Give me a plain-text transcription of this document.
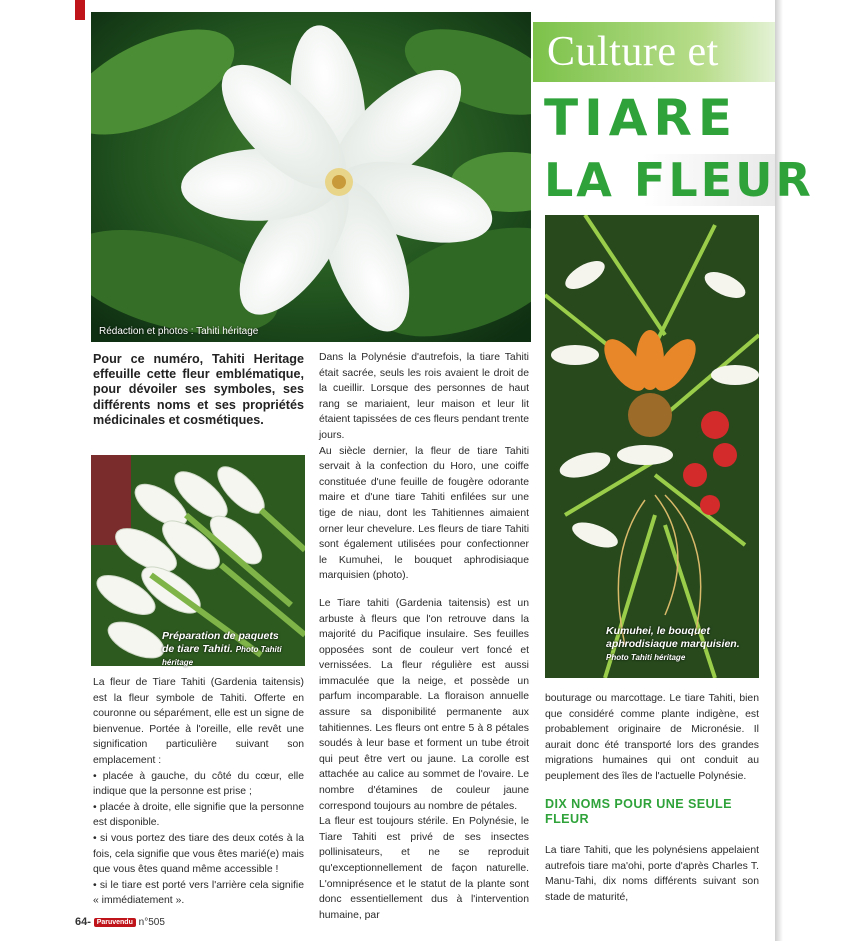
Rédaction et photos : Tahiti héritage
Culture et
TIARE
LA FLEUR
Pour ce numéro, Tahiti Heritage effeuille cette fleur emblématique, pour dévoiler ses symboles, ses différents noms et ses propriétés médicinales et cosmétiques.
Préparation de paquets
de tiare Tahiti. Photo Tahiti héritage
Kumuhei, le bouquet
aphrodisiaque marquisien.
Photo Tahiti héritage

La fleur de Tiare Tahiti (Gardenia taitensis) est la fleur symbole de Tahiti. Offerte en couronne ou séparément, elle est un signe de bienvenue. Portée à l'oreille, elle revêt une signification particulière suivant son emplacement :

• placée à gauche, du côté du cœur, elle indique que la personne est prise ;

• placée à droite, elle signifie que la personne est disponible.

• si vous portez des tiare des deux cotés à la fois, cela signifie que vous êtes marié(e) mais que vous êtes quand même accessible !

• si le tiare est porté vers l'arrière cela signifie « immédiatement ».

Dans la Polynésie d'autrefois, la tiare Tahiti était sacrée, seuls les rois avaient le droit de la cueillir. Lorsque des personnes de haut rang se mariaient, leur maison et leur lit étaient tapissées de ces fleurs pendant trente jours.

Au siècle dernier, la fleur de tiare Tahiti servait à la confection du Horo, une coiffe constituée d'une feuille de fougère odorante maire et d'une tiare Tahiti enfilées sur une tige de niau, dont les Tahitiennes aimaient orner leur chevelure. Les fleurs de tiare Tahiti sont également utilisées pour confectionner le Kumuhei, le bouquet aphrodisiaque marquisien (photo).

Le Tiare tahiti (Gardenia taitensis) est un arbuste à fleurs que l'on retrouve dans la majorité du Pacifique insulaire. Ses feuilles opposées sont de couleur vert foncé et vernissées. La fleur régulière est aussi immaculée que la neige, et possède un parfum incomparable. La floraison annuelle assure sa disponibilité permanente aux tahitiennes. Les fleurs ont entre 5 à 8 pétales soudés à leur base et forment un tube étroit qui peut être vert ou jaune. La corolle est attachée au calice au sommet de l'ovaire. Le nombre d'étamines de couleur jaune correspond toujours au nombre de pétales.

La fleur est toujours stérile. En Polynésie, le Tiare Tahiti est privé de ses insectes pollinisateurs, et ne se reproduit qu'exceptionnellement de façon naturelle. L'omniprésence et le statut de la plante sont donc essentiellement dus à l'intervention humaine, par

bouturage ou marcottage. Le tiare Tahiti, bien que considéré comme plante indigène, est probablement originaire de Micronésie. Il aurait donc été transporté lors des grandes migrations humaines qui ont conduit au peuplement des îles de l'actuelle Polynésie.

DIX NOMS POUR UNE SEULE FLEUR

La tiare Tahiti, que les polynésiens appelaient autrefois tiare ma'ohi, porte d'après Charles T. Manu-Tahi, dix noms différents suivant son stade de maturité,

64- Paruvendu n°505
